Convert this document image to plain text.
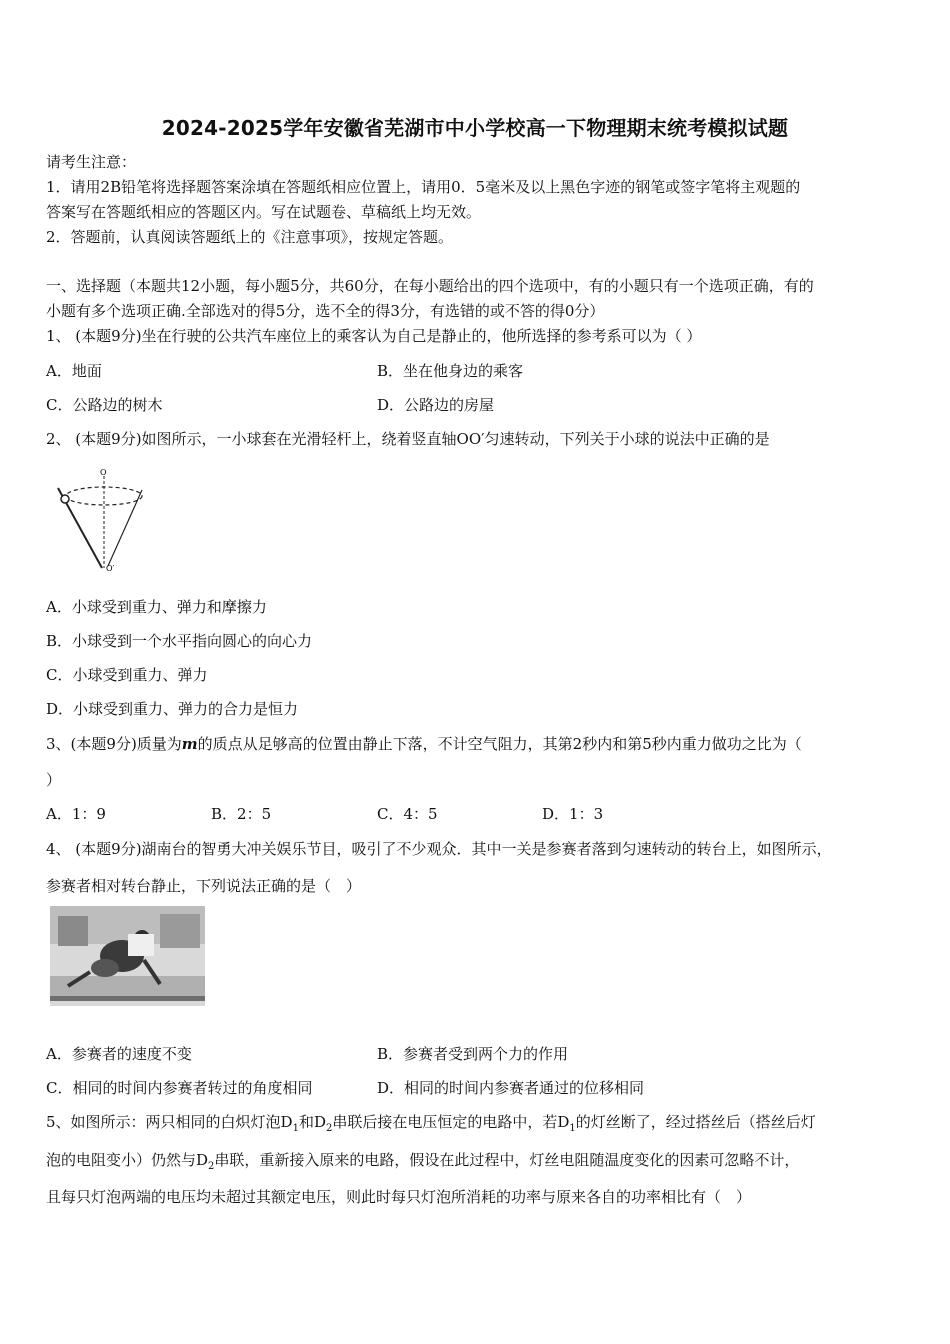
2024-2025学年安徽省芜湖市中小学校高一下物理期末统考模拟试题
请考生注意：
1．请用2B铅笔将选择题答案涂填在答题纸相应位置上，请用0．5毫米及以上黑色字迹的钢笔或签字笔将主观题的
答案写在答题纸相应的答题区内。写在试题卷、草稿纸上均无效。
2．答题前，认真阅读答题纸上的《注意事项》，按规定答题。
一、选择题（本题共12小题，每小题5分，共60分，在每小题给出的四个选项中，有的小题只有一个选项正确，有的
小题有多个选项正确.全部选对的得5分，选不全的得3分，有选错的或不答的得0分）
1、 (本题9分)坐在行驶的公共汽车座位上的乘客认为自己是静止的，他所选择的参考系可以为（ ）
A．地面	B．坐在他身边的乘客
C．公路边的树木	D．公路边的房屋
2、 (本题9分)如图所示，一小球套在光滑轻杆上，绕着竖直轴OO′匀速转动，下列关于小球的说法中正确的是
O
O′
A．小球受到重力、弹力和摩擦力
B．小球受到一个水平指向圆心的向心力
C．小球受到重力、弹力
D．小球受到重力、弹力的合力是恒力
3、(本题9分)质量为m的质点从足够高的位置由静止下落，不计空气阻力，其第2秒内和第5秒内重力做功之比为（
）
A．1：9	B．2：5	C．4：5	D．1：3
4、 (本题9分)湖南台的智勇大冲关娱乐节目，吸引了不少观众．其中一关是参赛者落到匀速转动的转台上，如图所示，
参赛者相对转台静止，下列说法正确的是（　）
A．参赛者的速度不变	B．参赛者受到两个力的作用
C．相同的时间内参赛者转过的角度相同	D．相同的时间内参赛者通过的位移相同
5、如图所示：两只相同的白炽灯泡$D_1$和$D_2$串联后接在电压恒定的电路中，若$D_1$的灯丝断了，经过搭丝后（搭丝后灯
泡的电阻变小）仍然与$D_2$串联，重新接入原来的电路，假设在此过程中，灯丝电阻随温度变化的因素可忽略不计，
且每只灯泡两端的电压均未超过其额定电压，则此时每只灯泡所消耗的功率与原来各自的功率相比有（　）
